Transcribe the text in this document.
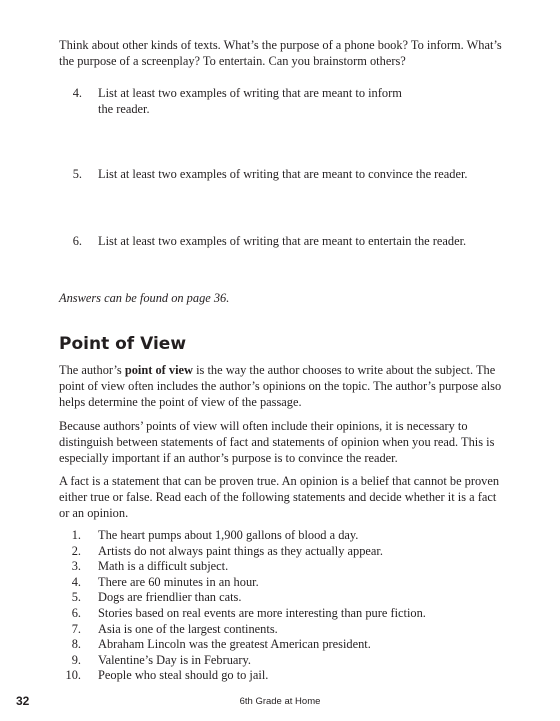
Think about other kinds of texts. What’s the purpose of a phone book? To inform. What’s the purpose of a screenplay? To entertain. Can you brainstorm others?

4. List at least two examples of writing that are meant to inform the reader.
5. List at least two examples of writing that are meant to convince the reader.
6. List at least two examples of writing that are meant to entertain the reader.

Answers can be found on page 36.

Point of View

The author’s point of view is the way the author chooses to write about the subject. The point of view often includes the author’s opinions on the topic. The author’s purpose also helps determine the point of view of the passage.

Because authors’ points of view will often include their opinions, it is necessary to distinguish between statements of fact and statements of opinion when you read. This is especially important if an author’s purpose is to convince the reader.

A fact is a statement that can be proven true. An opinion is a belief that cannot be proven either true or false. Read each of the following statements and decide whether it is a fact or an opinion.

1. The heart pumps about 1,900 gallons of blood a day.
2. Artists do not always paint things as they actually appear.
3. Math is a difficult subject.
4. There are 60 minutes in an hour.
5. Dogs are friendlier than cats.
6. Stories based on real events are more interesting than pure fiction.
7. Asia is one of the largest continents.
8. Abraham Lincoln was the greatest American president.
9. Valentine’s Day is in February.
10. People who steal should go to jail.
32	6th Grade at Home
